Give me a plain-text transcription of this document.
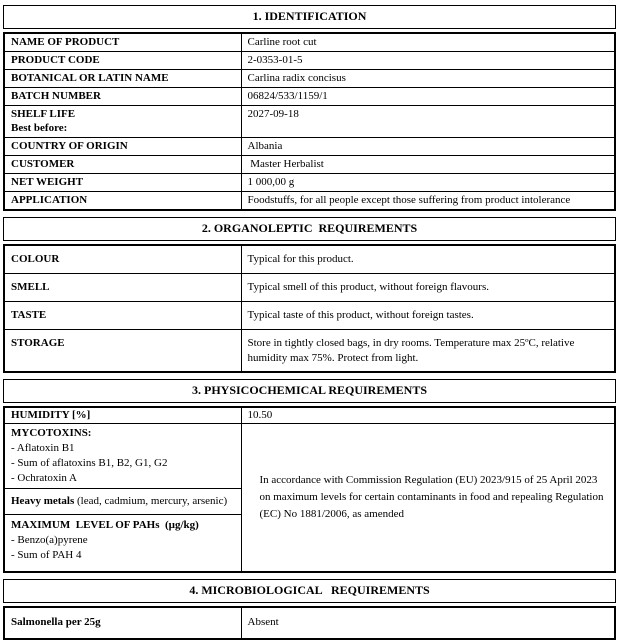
1. IDENTIFICATION
NAME OF PRODUCT	Carline root cut
PRODUCT CODE	2-0353-01-5
BOTANICAL OR LATIN NAME	Carlina radix concisus
BATCH NUMBER	06824/533/1159/1

SHELF LIFE
Best before:	2027-09-18
COUNTRY OF ORIGIN	Albania
CUSTOMER	Master Herbalist
NET WEIGHT	1 000,00 g
APPLICATION	Foodstuffs, for all people except those suffering from product intolerance
2. ORGANOLEPTIC  REQUIREMENTS
COLOUR	Typical for this product.
SMELL	Typical smell of this product, without foreign flavours.
TASTE	Typical taste of this product, without foreign tastes.
STORAGE	Store in tightly closed bags, in dry rooms. Temperature max 25ºC, relative humidity max 75%. Protect from light.
3. PHYSICOCHEMICAL REQUIREMENTS
HUMIDITY [%]	10.50

MYCOTOXINS:
- Aflatoxin B1
- Sum of aflatoxins B1, B2, G1, G2
- Ochratoxin A	In accordance with Commission Regulation (EU) 2023/915 of 25 April 2023 on maximum levels for certain contaminants in food and repealing Regulation (EC) No 1881/2006, as amended
Heavy metals (lead, cadmium, mercury, arsenic)	

MAXIMUM  LEVEL OF PAHs  (µg/kg)
- Benzo(a)pyrene
- Sum of PAH 4	
4. MICROBIOLOGICAL   REQUIREMENTS
Salmonella per 25g	Absent
